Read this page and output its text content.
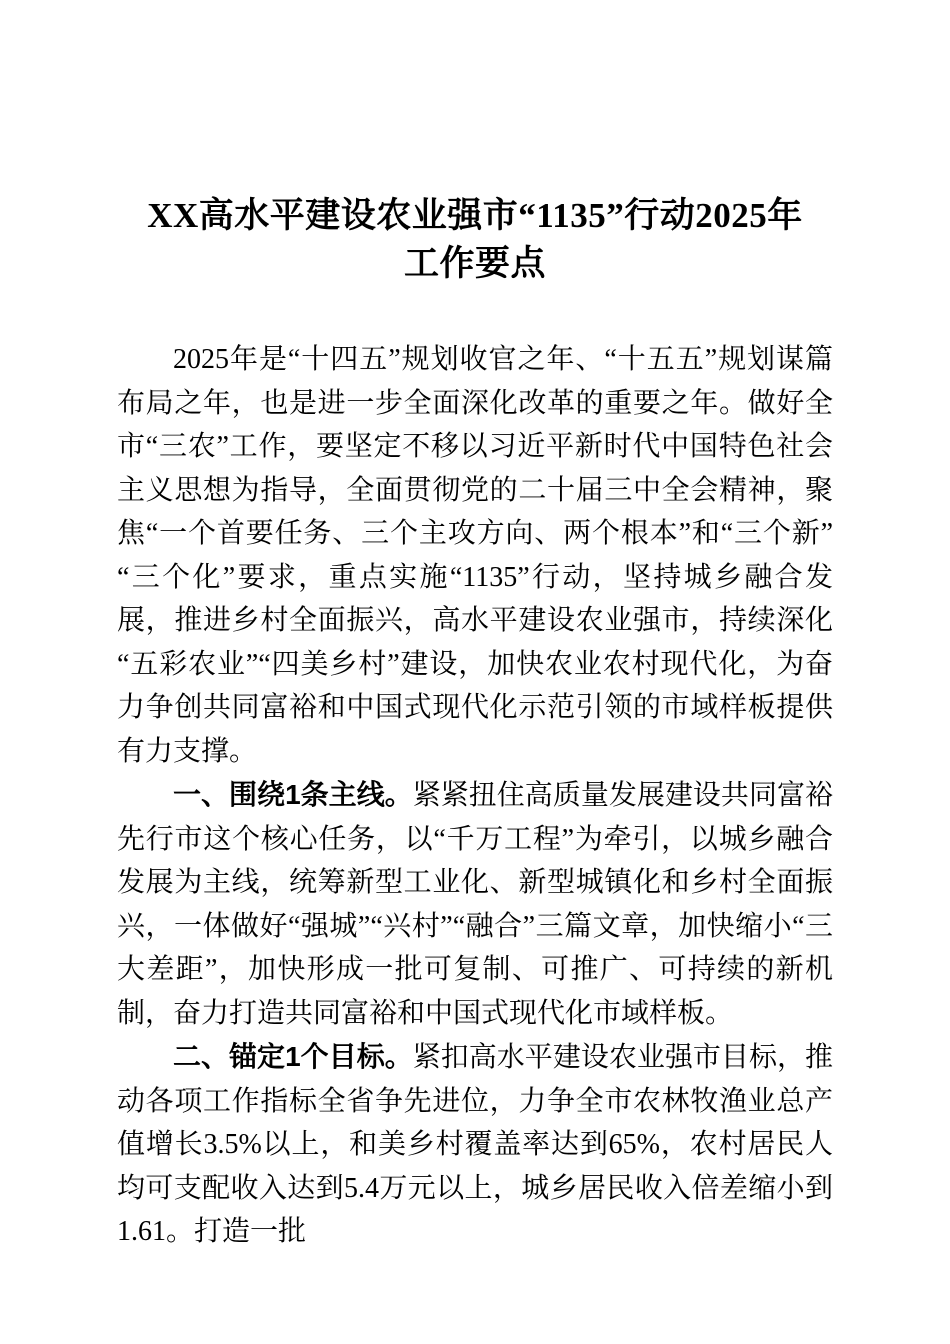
XX高水平建设农业强市“1135”行动2025年
工作要点

2025年是“十四五”规划收官之年、“十五五”规划谋篇布局之年，也是进一步全面深化改革的重要之年。做好全市“三农”工作，要坚定不移以习近平新时代中国特色社会主义思想为指导，全面贯彻党的二十届三中全会精神，聚焦“一个首要任务、三个主攻方向、两个根本”和“三个新”“三个化”要求，重点实施“1135”行动，坚持城乡融合发展，推进乡村全面振兴，高水平建设农业强市，持续深化“五彩农业”“四美乡村”建设，加快农业农村现代化，为奋力争创共同富裕和中国式现代化示范引领的市域样板提供有力支撑。

一、围绕1条主线。紧紧扭住高质量发展建设共同富裕先行市这个核心任务，以“千万工程”为牵引，以城乡融合发展为主线，统筹新型工业化、新型城镇化和乡村全面振兴，一体做好“强城”“兴村”“融合”三篇文章，加快缩小“三大差距”，加快形成一批可复制、可推广、可持续的新机制，奋力打造共同富裕和中国式现代化市域样板。

二、锚定1个目标。紧扣高水平建设农业强市目标，推动各项工作指标全省争先进位，力争全市农林牧渔业总产值增长3.5%以上，和美乡村覆盖率达到65%，农村居民人均可支配收入达到5.4万元以上，城乡居民收入倍差缩小到1.61。打造一批
